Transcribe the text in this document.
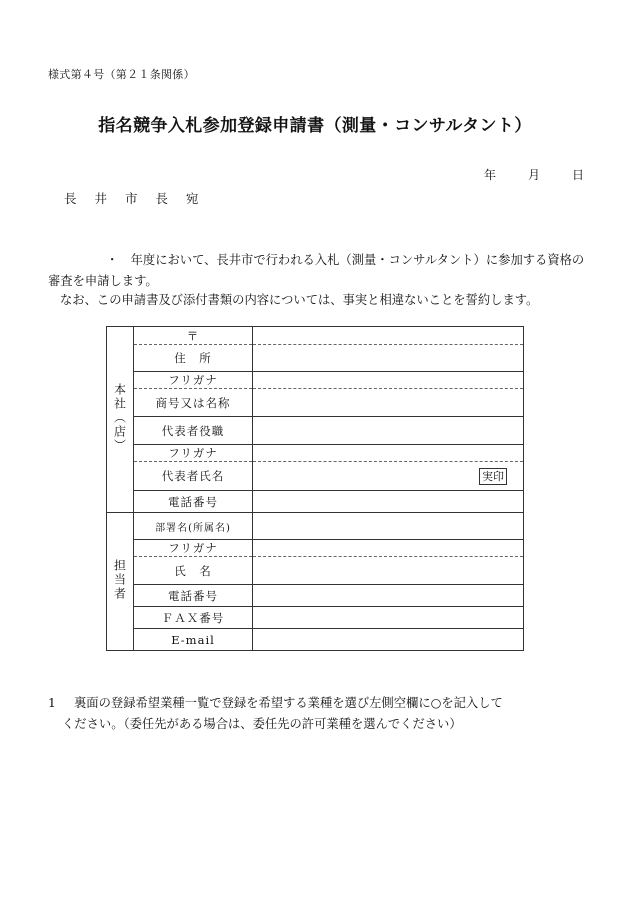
様式第４号（第２１条関係）
指名競争入札参加登録申請書（測量・コンサルタント）
年	月	日
長 井 市 長 宛
・　年度において、長井市で行われる入札（測量・コンサルタント）に参加する資格の審査を申請します。
なお、この申請書及び添付書類の内容については、事実と相違ないことを誓約します。
本社（店）	〒	
	住　所	
	フリガナ	
	商号又は名称	
	代表者役職	
	フリガナ	
	代表者氏名	実印

	電話番号	
担当者	部署名(所属名)	
	フリガナ	
	氏　名	
	電話番号	
	ＦＡＸ番号	
	E-mail	
1 裏面の登録希望業種一覧で登録を希望する業種を選び左側空欄に○を記入して
ください。（委任先がある場合は、委任先の許可業種を選んでください）
